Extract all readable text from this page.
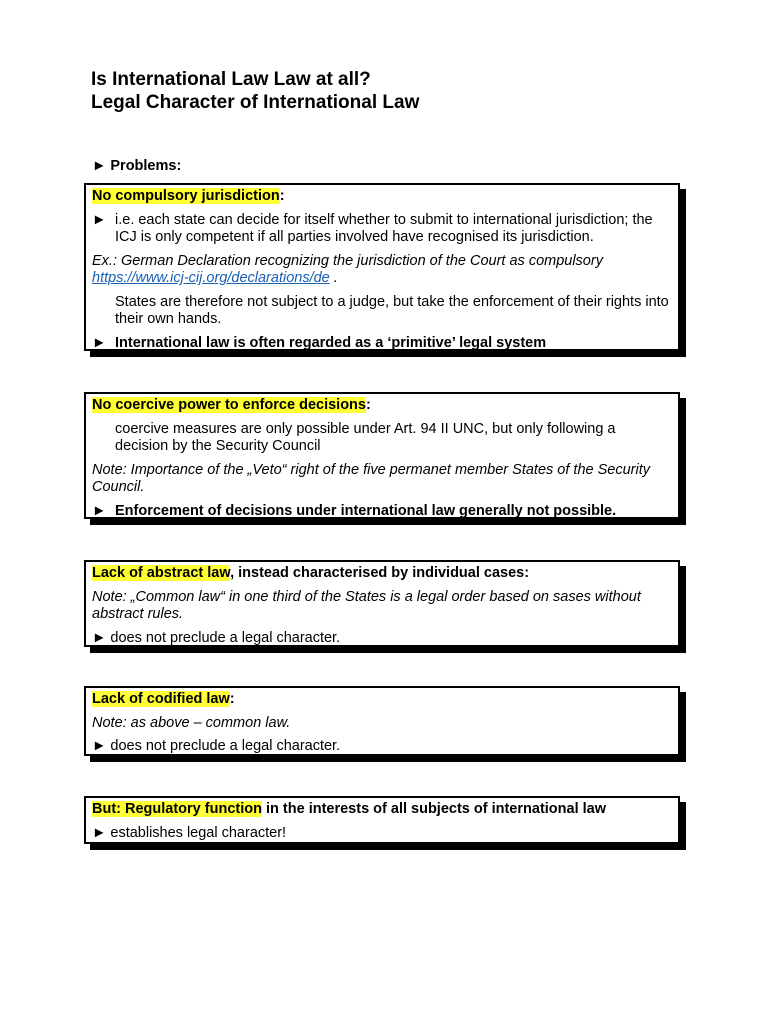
Is International Law Law at all?
Legal Character of International Law
► Problems:

No compulsory jurisdiction:

► i.e. each state can decide for itself whether to submit to international jurisdiction; the ICJ is only competent if all parties involved have recognised its jurisdiction.

Ex.: German Declaration recognizing the jurisdiction of the Court as compulsory
https://www.icj-cij.org/declarations/de .

States are therefore not subject to a judge, but take the enforcement of their rights into their own hands.

► International law is often regarded as a ‘primitive’ legal system

No coercive power to enforce decisions:

coercive measures are only possible under Art. 94 II UNC, but only following a decision by the Security Council

Note: Importance of the „Veto“ right of the five permanet member States of the Security Council.

► Enforcement of decisions under international law generally not possible.

Lack of abstract law, instead characterised by individual cases:

Note: „Common law“ in one third of the States is a legal order based on sases without abstract rules.

► does not preclude a legal character.

Lack of codified law:

Note: as above – common law.

► does not preclude a legal character.

But: Regulatory function in the interests of all subjects of international law

► establishes legal character!
